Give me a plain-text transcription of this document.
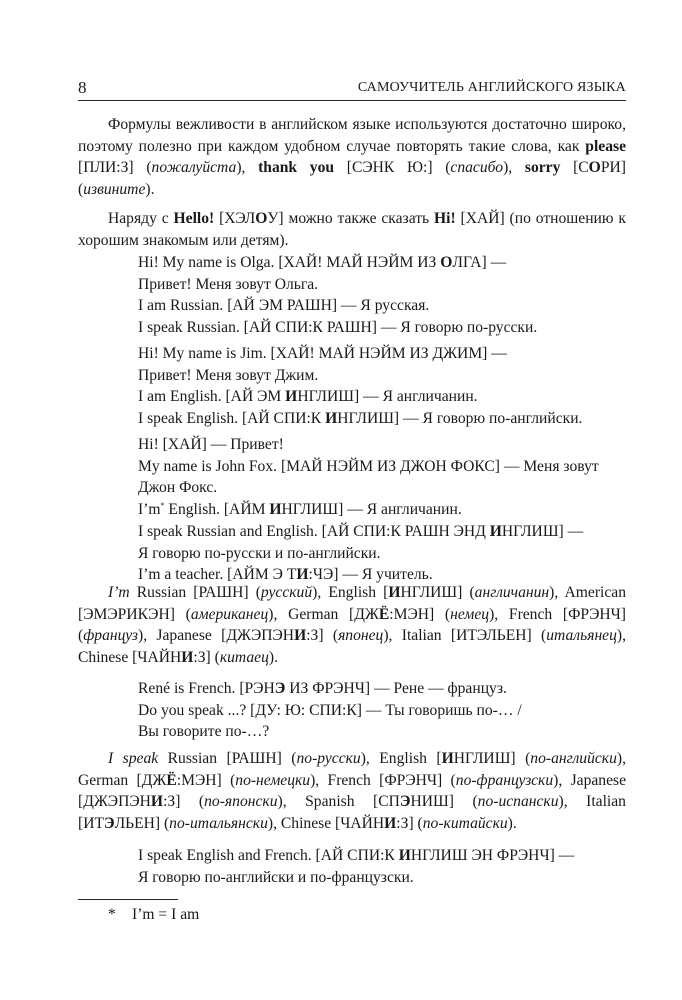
8	САМОУЧИТЕЛЬ АНГЛИЙСКОГО ЯЗЫКА

Формулы вежливости в английском языке используются достаточно широко, поэтому полезно при каждом удобном случае повторять такие слова, как please [ПЛИ:З] (пожалуйста), thank you [СЭНК Ю:] (спасибо), sorry [СОРИ] (извините).

Наряду с Hello! [ХЭЛОУ] можно также сказать Hi! [ХАЙ] (по отношению к хорошим знакомым или детям).

Hi! My name is Olga. [ХАЙ! МАЙ НЭЙМ ИЗ ОЛГА] —
Привет! Меня зовут Ольга.
I am Russian. [АЙ ЭМ РАШН] — Я русская.
I speak Russian. [АЙ СПИ:К РАШН] — Я говорю по-русски.
Hi! My name is Jim. [ХАЙ! МАЙ НЭЙМ ИЗ ДЖИМ] —
Привет! Меня зовут Джим.
I am English. [АЙ ЭМ ИНГЛИШ] — Я англичанин.
I speak English. [АЙ СПИ:К ИНГЛИШ] — Я говорю по-английски.
Hi! [ХАЙ] — Привет!
My name is John Fox. [МАЙ НЭЙМ ИЗ ДЖОН ФОКС] — Меня зовут
Джон Фокс.
I’m* English. [АЙМ ИНГЛИШ] — Я англичанин.
I speak Russian and English. [АЙ СПИ:К РАШН ЭНД ИНГЛИШ] —
Я говорю по-русски и по-английски.
I’m a teacher. [АЙМ Э ТИ:ЧЭ] — Я учитель.

I’m Russian [РАШН] (русский), English [ИНГЛИШ] (англичанин), American [ЭМЭРИКЭН] (американец), German [ДЖЁ:МЭН] (немец), French [ФРЭНЧ] (француз), Japanese [ДЖЭПЭНИ:З] (японец), Italian [ИТЭЛЬЕН] (итальянец), Chinese [ЧАЙНИ:З] (китаец).

René is French. [РЭНЭ ИЗ ФРЭНЧ] — Рене — француз.
Do you speak ...? [ДУ: Ю: СПИ:К] — Ты говоришь по-… /
Вы говорите по-…?

I speak Russian [РАШН] (по-русски), English [ИНГЛИШ] (по-английски), German [ДЖЁ:МЭН] (по-немецки), French [ФРЭНЧ] (по-французски), Japanese [ДЖЭПЭНИ:З] (по-японски), Spanish [СПЭНИШ] (по-испански), Italian [ИТЭЛЬЕН] (по-итальянски), Chinese [ЧАЙНИ:З] (по-китайски).

I speak English and French. [АЙ СПИ:К ИНГЛИШ ЭН ФРЭНЧ] —
Я говорю по-английски и по-французски.
* I’m = I am
